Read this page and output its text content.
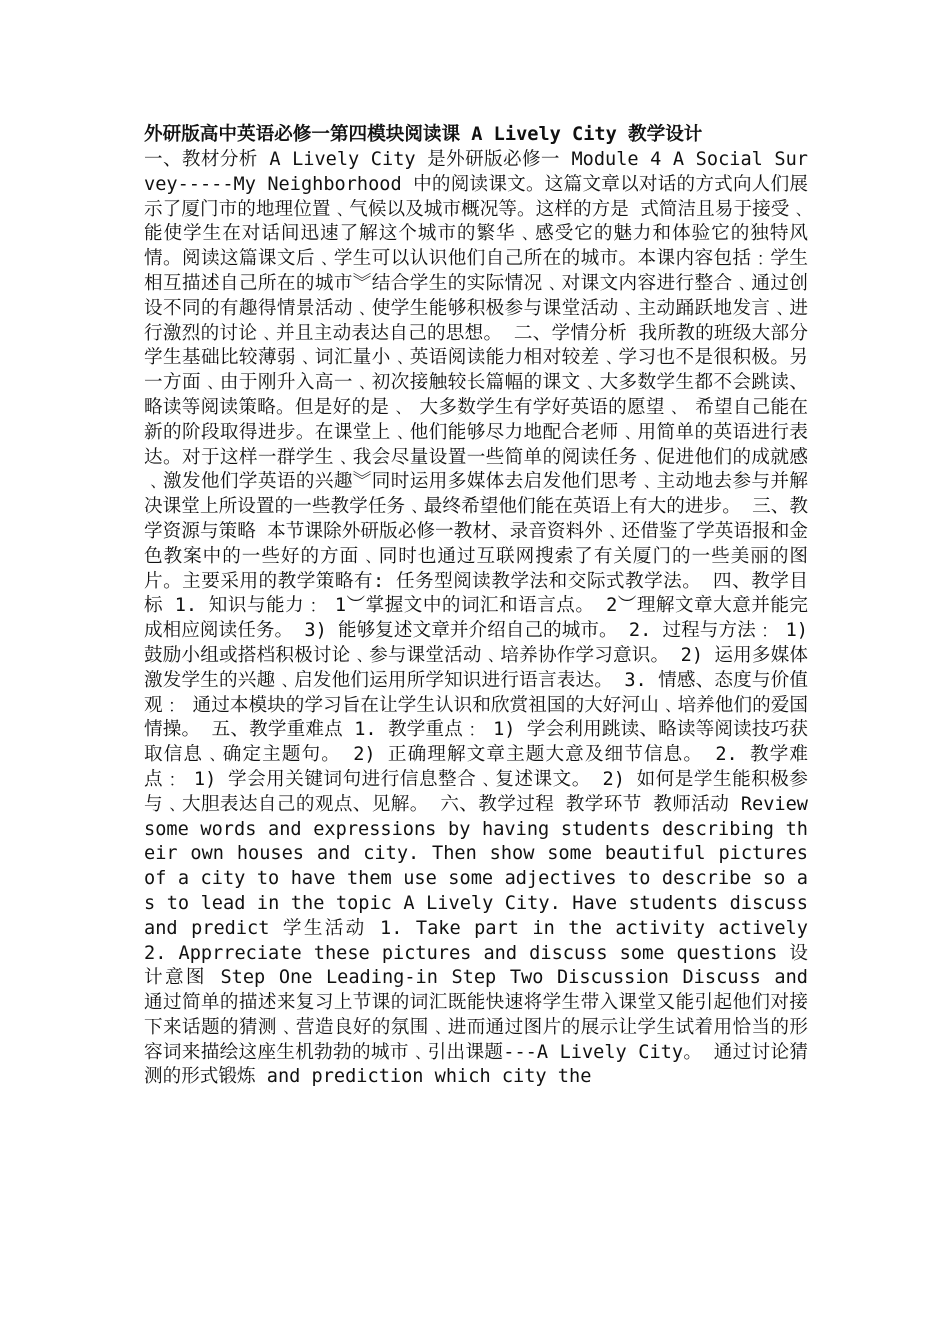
外研版高中英语必修一第四模块阅读课 A Lively City 教学设计

一、教材分析 A Lively City 是外研版必修一 Module 4 A Social Survey-----My Neighborhood 中的阅读课文。这篇文章以对话的方式向人们展示了厦门市的地理位置﹑气候以及城市概况等。这样的方是 式简洁且易于接受﹑能使学生在对话间迅速了解这个城市的繁华﹑感受它的魅力和体验它的独特风情。阅读这篇课文后﹑学生可以认识他们自己所在的城市。本课内容包括﹕学生相互描述自己所在的城市︾结合学生的实际情况﹑对课文内容进行整合﹑通过创设不同的有趣得情景活动﹑使学生能够积极参与课堂活动﹑主动踊跃地发言﹑进行激烈的讨论﹑并且主动表达自己的思想。 二、学情分析 我所教的班级大部分学生基础比较薄弱﹑词汇量小﹑英语阅读能力相对较差﹑学习也不是很积极。另一方面﹑由于刚升入高一﹑初次接触较长篇幅的课文﹑大多数学生都不会跳读、略读等阅读策略。但是好的是﹑ 大多数学生有学好英语的愿望﹑ 希望自己能在新的阶段取得进步。在课堂上﹑他们能够尽力地配合老师﹑用简单的英语进行表达。对于这样一群学生﹑我会尽量设置一些简单的阅读任务﹑促进他们的成就感﹑激发他们学英语的兴趣︾同时运用多媒体去启发他们思考﹑主动地去参与并解决课堂上所设置的一些教学任务﹑最终希望他们能在英语上有大的进步。 三、教学资源与策略 本节课除外研版必修一教材、录音资料外﹑还借鉴了学英语报和金色教案中的一些好的方面﹑同时也通过互联网搜索了有关厦门的一些美丽的图片。主要采用的教学策略有: 任务型阅读教学法和交际式教学法。 四、教学目标 1. 知识与能力﹕ 1︶掌握文中的词汇和语言点。 2︶理解文章大意并能完成相应阅读任务。 3) 能够复述文章并介绍自己的城市。 2. 过程与方法﹕ 1) 鼓励小组或搭档积极讨论﹑参与课堂活动﹑培养协作学习意识。 2) 运用多媒体激发学生的兴趣﹑启发他们运用所学知识进行语言表达。 3. 情感、态度与价值观﹕ 通过本模块的学习旨在让学生认识和欣赏祖国的大好河山﹑培养他们的爱国情操。 五、教学重难点 1. 教学重点﹕ 1) 学会利用跳读、略读等阅读技巧获取信息﹑确定主题句。 2) 正确理解文章主题大意及细节信息。 2. 教学难点﹕ 1) 学会用关键词句进行信息整合﹑复述课文。 2) 如何是学生能积极参与﹑大胆表达自己的观点、见解。 六、教学过程 教学环节 教师活动 Review some words and expressions by having students describing their own houses and city. Then show some beautiful pictures of a city to have them use some adjectives to describe so as to lead in the topic A Lively City. Have students discuss and predict 学生活动 1. Take part in the activity actively 2. Apprreciate these pictures and discuss some questions 设计意图 Step One Leading-in Step Two Discussion Discuss and 通过简单的描述来复习上节课的词汇既能快速将学生带入课堂又能引起他们对接下来话题的猜测﹑营造良好的氛围﹑进而通过图片的展示让学生试着用恰当的形容词来描绘这座生机勃勃的城市﹑引出课题---A Lively City。 通过讨论猜测的形式锻炼 and prediction which city the
